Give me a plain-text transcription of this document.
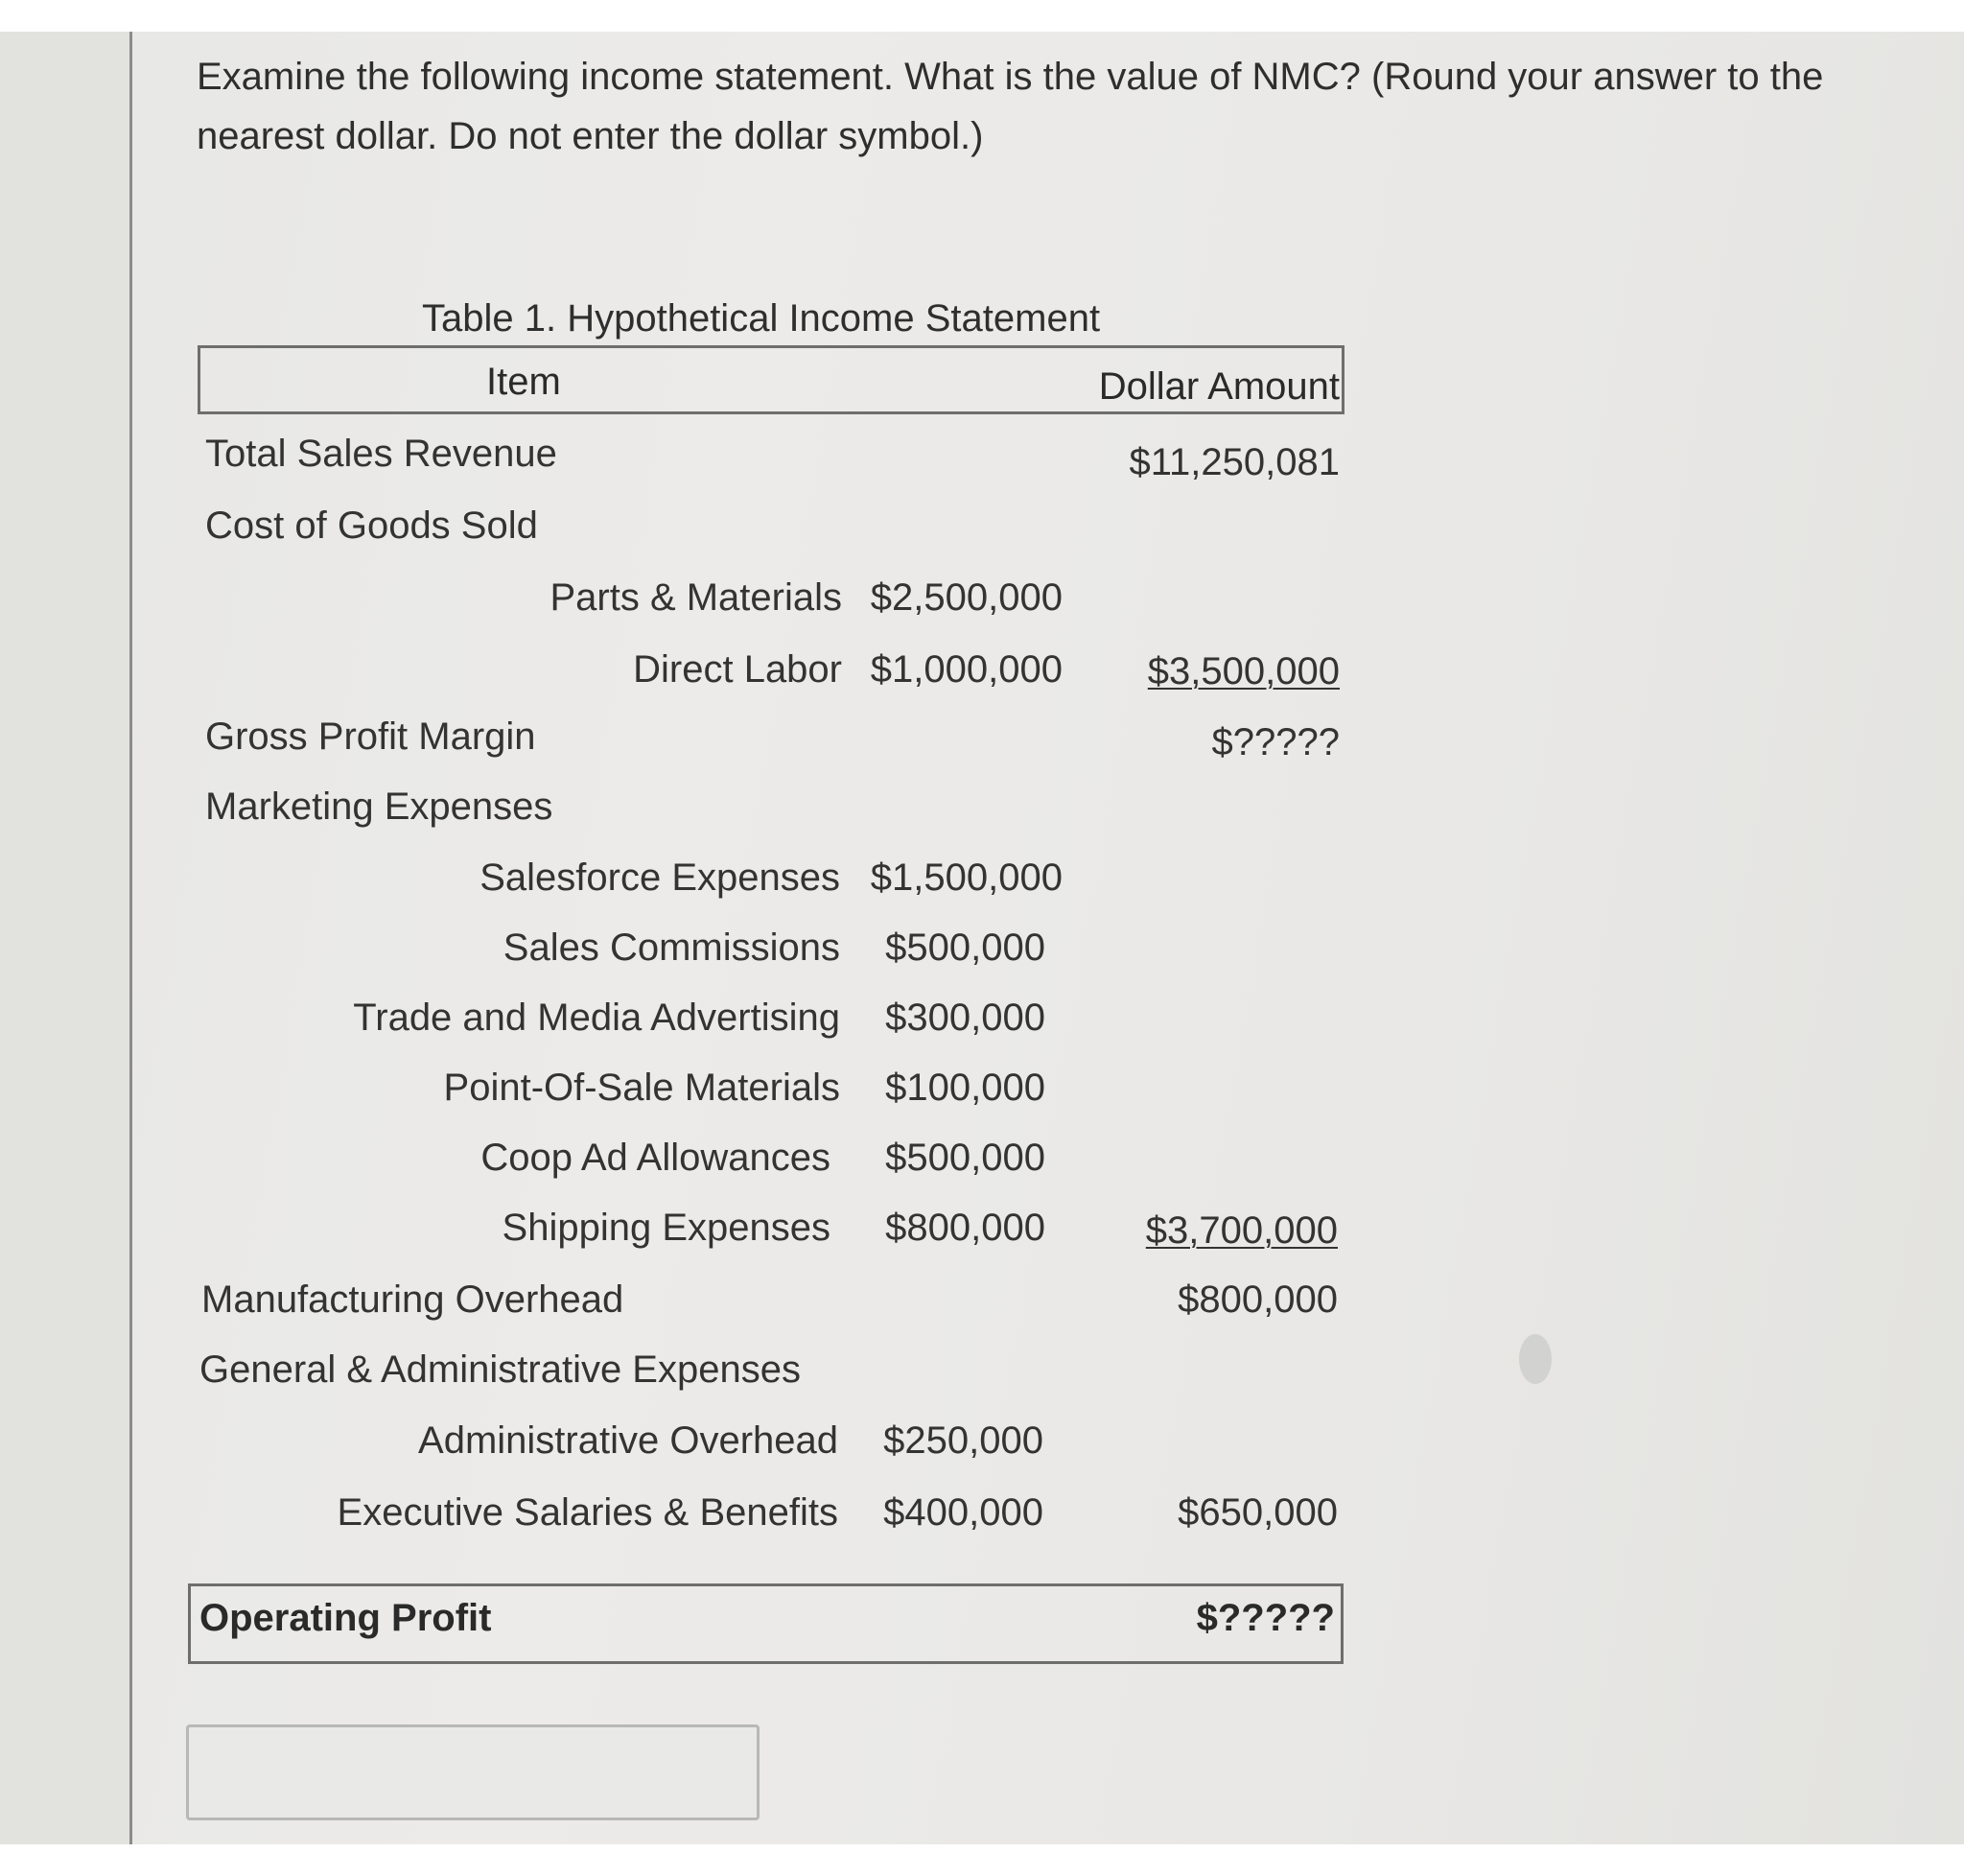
Examine the following income statement. What is the value of NMC? (Round your answer to the nearest dollar. Do not enter the dollar symbol.)
Table 1. Hypothetical Income Statement
Item	Dollar Amount
Total Sales Revenue	$11,250,081
Cost of Goods Sold
Parts & Materials $2,500,000
Direct Labor $1,000,000 $3,500,000
Gross Profit Margin	$?????
Marketing Expenses
Salesforce Expenses $1,500,000
Sales Commissions $500,000
Trade and Media Advertising $300,000
Point-Of-Sale Materials $100,000
Coop Ad Allowances $500,000
Shipping Expenses $800,000	$3,700,000
Manufacturing Overhead	$800,000
General & Administrative Expenses
Administrative Overhead $250,000
Executive Salaries & Benefits $400,000	$650,000
Operating Profit	$?????
